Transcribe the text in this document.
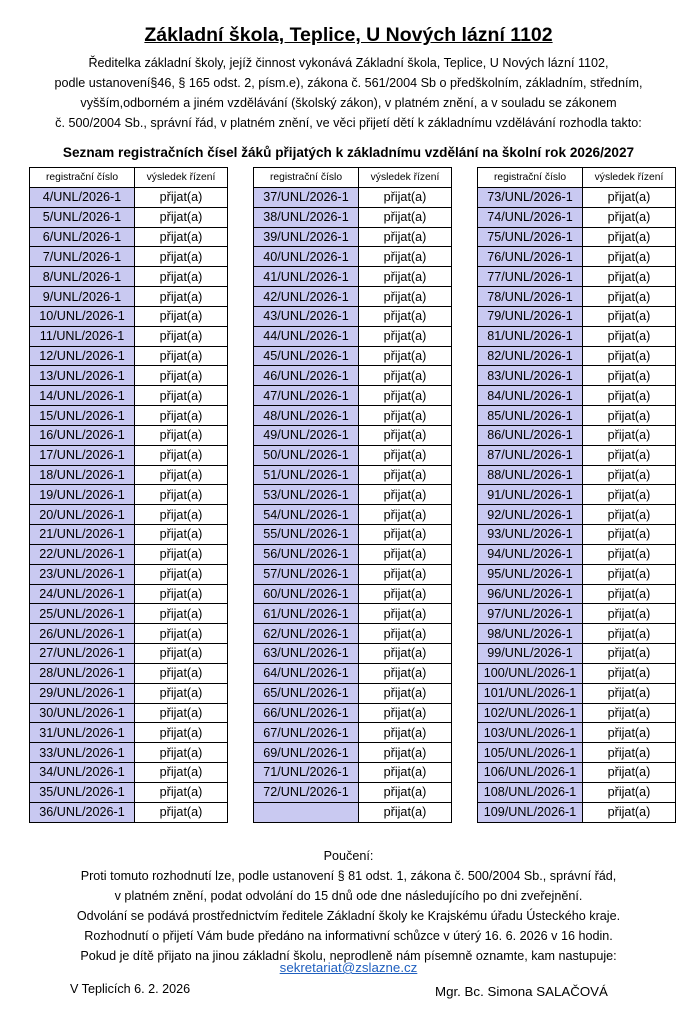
Základní škola, Teplice, U Nových lázní 1102
Ředitelka základní školy, jejíž činnost vykonává Základní škola, Teplice, U Nových lázní 1102,
podle ustanovení§46, § 165 odst. 2, písm.e), zákona č. 561/2004 Sb o předškolním, základním, středním,
vyšším,odborném a jiném vzdělávání (školský zákon), v platném znění, a v souladu se zákonem
č. 500/2004 Sb., správní řád, v platném znění, ve věci přijetí dětí k základnímu vzdělávání rozhodla takto:
Seznam registračních čísel žáků přijatých k základnímu vzdělání na školní rok 2026/2027
registrační číslo	výsledek řízení
4/UNL/2026-1	přijat(a)
5/UNL/2026-1	přijat(a)
6/UNL/2026-1	přijat(a)
7/UNL/2026-1	přijat(a)
8/UNL/2026-1	přijat(a)
9/UNL/2026-1	přijat(a)
10/UNL/2026-1	přijat(a)
11/UNL/2026-1	přijat(a)
12/UNL/2026-1	přijat(a)
13/UNL/2026-1	přijat(a)
14/UNL/2026-1	přijat(a)
15/UNL/2026-1	přijat(a)
16/UNL/2026-1	přijat(a)
17/UNL/2026-1	přijat(a)
18/UNL/2026-1	přijat(a)
19/UNL/2026-1	přijat(a)
20/UNL/2026-1	přijat(a)
21/UNL/2026-1	přijat(a)
22/UNL/2026-1	přijat(a)
23/UNL/2026-1	přijat(a)
24/UNL/2026-1	přijat(a)
25/UNL/2026-1	přijat(a)
26/UNL/2026-1	přijat(a)
27/UNL/2026-1	přijat(a)
28/UNL/2026-1	přijat(a)
29/UNL/2026-1	přijat(a)
30/UNL/2026-1	přijat(a)
31/UNL/2026-1	přijat(a)
33/UNL/2026-1	přijat(a)
34/UNL/2026-1	přijat(a)
35/UNL/2026-1	přijat(a)
36/UNL/2026-1	přijat(a)
registrační číslo	výsledek řízení
37/UNL/2026-1	přijat(a)
38/UNL/2026-1	přijat(a)
39/UNL/2026-1	přijat(a)
40/UNL/2026-1	přijat(a)
41/UNL/2026-1	přijat(a)
42/UNL/2026-1	přijat(a)
43/UNL/2026-1	přijat(a)
44/UNL/2026-1	přijat(a)
45/UNL/2026-1	přijat(a)
46/UNL/2026-1	přijat(a)
47/UNL/2026-1	přijat(a)
48/UNL/2026-1	přijat(a)
49/UNL/2026-1	přijat(a)
50/UNL/2026-1	přijat(a)
51/UNL/2026-1	přijat(a)
53/UNL/2026-1	přijat(a)
54/UNL/2026-1	přijat(a)
55/UNL/2026-1	přijat(a)
56/UNL/2026-1	přijat(a)
57/UNL/2026-1	přijat(a)
60/UNL/2026-1	přijat(a)
61/UNL/2026-1	přijat(a)
62/UNL/2026-1	přijat(a)
63/UNL/2026-1	přijat(a)
64/UNL/2026-1	přijat(a)
65/UNL/2026-1	přijat(a)
66/UNL/2026-1	přijat(a)
67/UNL/2026-1	přijat(a)
69/UNL/2026-1	přijat(a)
71/UNL/2026-1	přijat(a)
72/UNL/2026-1	přijat(a)
	přijat(a)
registrační číslo	výsledek řízení
73/UNL/2026-1	přijat(a)
74/UNL/2026-1	přijat(a)
75/UNL/2026-1	přijat(a)
76/UNL/2026-1	přijat(a)
77/UNL/2026-1	přijat(a)
78/UNL/2026-1	přijat(a)
79/UNL/2026-1	přijat(a)
81/UNL/2026-1	přijat(a)
82/UNL/2026-1	přijat(a)
83/UNL/2026-1	přijat(a)
84/UNL/2026-1	přijat(a)
85/UNL/2026-1	přijat(a)
86/UNL/2026-1	přijat(a)
87/UNL/2026-1	přijat(a)
88/UNL/2026-1	přijat(a)
91/UNL/2026-1	přijat(a)
92/UNL/2026-1	přijat(a)
93/UNL/2026-1	přijat(a)
94/UNL/2026-1	přijat(a)
95/UNL/2026-1	přijat(a)
96/UNL/2026-1	přijat(a)
97/UNL/2026-1	přijat(a)
98/UNL/2026-1	přijat(a)
99/UNL/2026-1	přijat(a)
100/UNL/2026-1	přijat(a)
101/UNL/2026-1	přijat(a)
102/UNL/2026-1	přijat(a)
103/UNL/2026-1	přijat(a)
105/UNL/2026-1	přijat(a)
106/UNL/2026-1	přijat(a)
108/UNL/2026-1	přijat(a)
109/UNL/2026-1	přijat(a)
Poučení:
Proti tomuto rozhodnutí lze, podle ustanovení § 81 odst. 1, zákona č. 500/2004 Sb., správní řád,
v platném znění, podat odvolání do 15 dnů ode dne následujícího po dni zveřejnění.
Odvolání se podává prostřednictvím ředitele Základní školy ke Krajskému úřadu Ústeckého kraje.
Rozhodnutí o přijetí Vám bude předáno na informativní schůzce v úterý 16. 6. 2026 v 16 hodin.
Pokud je dítě přijato na jinou základní školu, neprodleně nám písemně oznamte, kam nastupuje:
sekretariat@zslazne.cz
V Teplicích 6. 2. 2026	Mgr. Bc. Simona SALAČOVÁ
